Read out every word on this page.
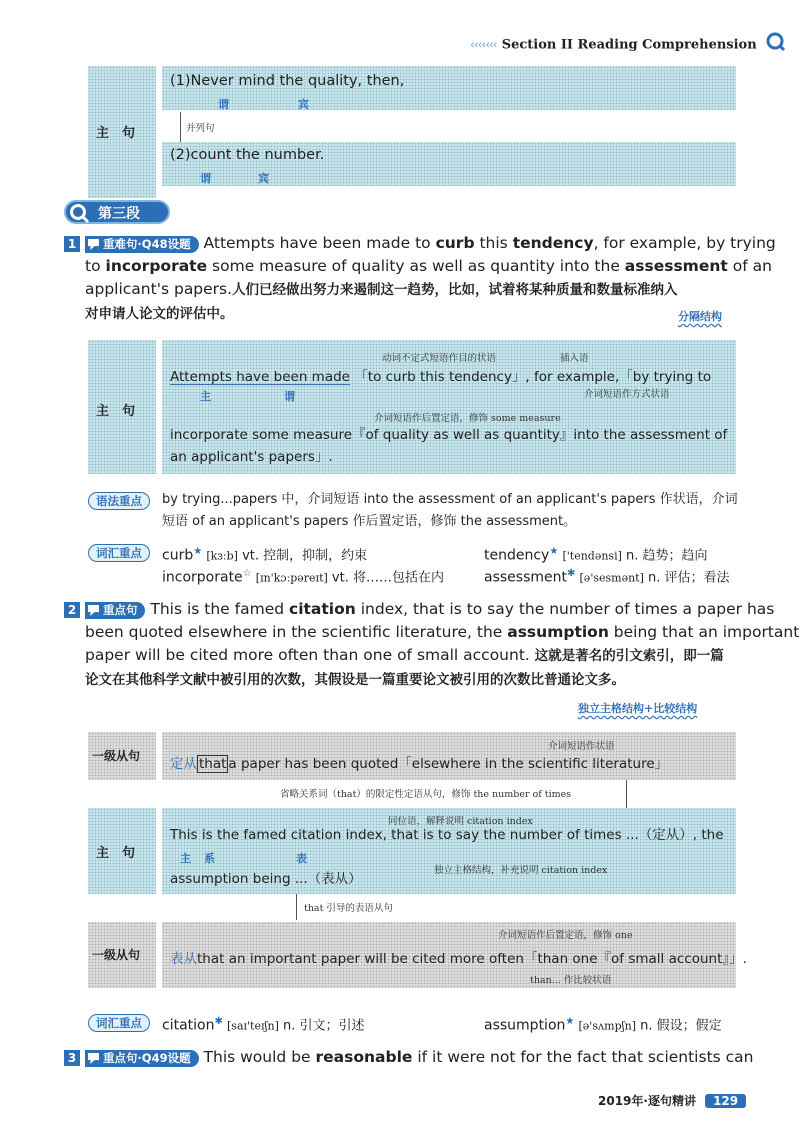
‹‹‹‹‹‹‹ Section II Reading Comprehension
主　句
(1)Never mind the quality, then,
谓	宾
并列句
(2)count the number.
谓	宾
第三段
1 重难句·Q48设题 Attempts have been made to curb this tendency, for example, by trying
to incorporate some measure of quality as well as quantity into the assessment of an
applicant's papers.人们已经做出努力来遏制这一趋势，比如，试着将某种质量和数量标准纳入
对申请人论文的评估中。	分隔结构
主　句
动词不定式短语作目的状语	插入语
介词短语作方式状语
Attempts have been made 「to curb this tendency」, for example,「by trying to
主	谓
介词短语作后置定语，修饰 some measure
incorporate some measure『of quality as well as quantity』into the assessment of
an applicant's papers」.
语法重点	by trying...papers 中，介词短语 into the assessment of an applicant's papers 作状语，介词
短语 of an applicant's papers 作后置定语，修饰 the assessment。
词汇重点	curb★ [kɜːb] vt. 控制，抑制，约束	tendency★ ['tendənsi] n. 趋势；趋向
incorporate☆ [ɪn'kɔːpəreɪt] vt. 将……包括在内	assessment✱ [ə'sesmənt] n. 评估；看法
2 重点句 This is the famed citation index, that is to say the number of times a paper has
been quoted elsewhere in the scientific literature, the assumption being that an important
paper will be cited more often than one of small account. 这就是著名的引文索引，即一篇
论文在其他科学文献中被引用的次数，其假设是一篇重要论文被引用的次数比普通论文多。
独立主格结构+比较结构
一级从句
介词短语作状语
定从 that a paper has been quoted「elsewhere in the scientific literature」
省略关系词（that）的限定性定语从句，修饰 the number of times
主　句
同位语，解释说明 citation index
This is the famed citation index, that is to say the number of times ...（定从）, the
主 系	表
独立主格结构，补充说明 citation index
assumption being ...（表从）
that 引导的表语从句
一级从句
介词短语作后置定语，修饰 one
表从that an important paper will be cited more often「than one『of small account』」.
than... 作比较状语
词汇重点	citation✱ [saɪ'teɪʃn] n. 引文；引述	assumption★ [ə'sʌmpʃn] n. 假设；假定
3 重点句·Q49设题 This would be reasonable if it were not for the fact that scientists can
2019年·逐句精讲 129
